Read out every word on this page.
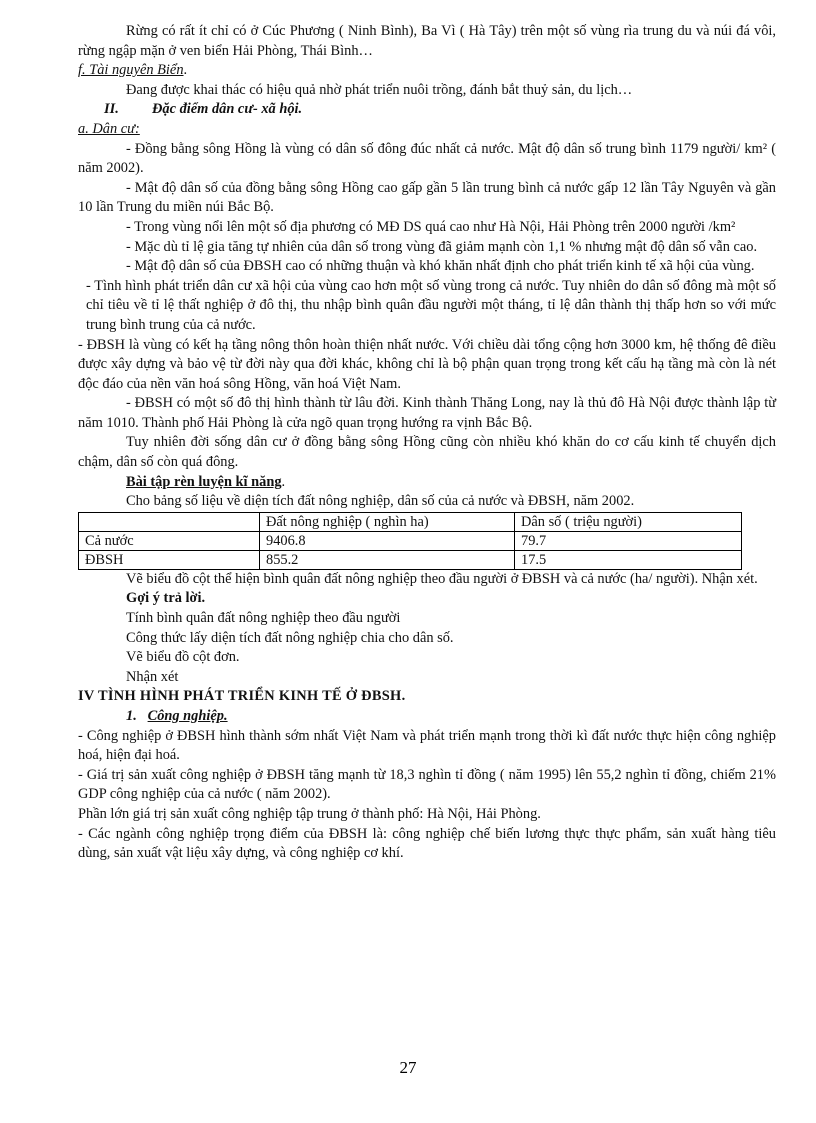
Rừng có rất ít chỉ có ở Cúc Phương ( Ninh Bình), Ba Vì ( Hà Tây) trên một số vùng rìa trung du và núi đá vôi, rừng ngập mặn ở ven biển Hải Phòng, Thái Bình…

f. Tài nguyên Biển.

Đang được khai thác có hiệu quả nhờ phát triển nuôi trồng, đánh bắt thuỷ sản, du lịch…

II. Đặc điểm dân cư- xã hội.

a. Dân cư:

- Đồng bằng sông Hồng là vùng có dân số đông đúc nhất cả nước. Mật độ dân số trung bình 1179 người/ km² ( năm 2002).

- Mật độ dân số của đồng bằng sông Hồng cao gấp gần 5 lần trung bình cả nước gấp 12 lần Tây Nguyên và gần 10 lần Trung du miền núi Bắc Bộ.

- Trong vùng nổi lên một số địa phương có MĐ DS quá cao như Hà Nội, Hải Phòng trên 2000 người /km²

- Mặc dù tỉ lệ gia tăng tự nhiên của dân số trong vùng đã giảm mạnh còn 1,1 % nhưng mật độ dân số vẫn cao.

- Mật độ dân số của ĐBSH cao có những thuận và khó khăn nhất định cho phát triển kinh tế xã hội của vùng.

- Tình hình phát triển dân cư xã hội của vùng cao hơn một số vùng trong cả nước. Tuy nhiên do dân số đông mà một số chỉ tiêu về tỉ lệ thất nghiệp ở đô thị, thu nhập bình quân đầu người một tháng, tỉ lệ dân thành thị thấp hơn so với mức trung bình trung của cả nước.

- ĐBSH là vùng có kết hạ tầng nông thôn hoàn thiện nhất nước. Với chiều dài tổng cộng hơn 3000 km, hệ thống đê điều được xây dựng và bảo vệ từ đời này qua đời khác, không chỉ là bộ phận quan trọng trong kết cấu hạ tầng mà còn là nét độc đáo của nền văn hoá sông Hồng, văn hoá Việt Nam.

- ĐBSH có một số đô thị hình thành từ lâu đời. Kinh thành Thăng Long, nay là thủ đô Hà Nội được thành lập từ năm 1010. Thành phố Hải Phòng là cửa ngõ quan trọng hướng ra vịnh Bắc Bộ.

Tuy nhiên đời sống dân cư ở đồng bằng sông Hồng cũng còn nhiều khó khăn do cơ cấu kinh tế chuyển dịch chậm, dân số còn quá đông.

Bài tập rèn luyện kĩ năng.

Cho bảng số liệu về diện tích đất nông nghiệp, dân số của cả nước và ĐBSH, năm 2002.

	Đất nông nghiệp ( nghìn ha)	Dân số ( triệu người)
Cả nước	9406.8	79.7
ĐBSH	855.2	17.5

Vẽ biểu đồ cột thể hiện bình quân đất nông nghiệp theo đầu người ở ĐBSH và cả nước (ha/ người). Nhận xét.

Gợi ý trả lời.

Tính bình quân đất nông nghiệp theo đầu người

Công thức lấy diện tích đất nông nghiệp chia cho dân số.

Vẽ biểu đồ cột đơn.

Nhận xét

IV TÌNH HÌNH PHÁT TRIỂN KINH TẾ Ở ĐBSH.

1. Công nghiệp.

- Công nghiệp ở ĐBSH hình thành sớm nhất Việt Nam và phát triển mạnh trong thời kì đất nước thực hiện công nghiệp hoá, hiện đại hoá.

- Giá trị sản xuất công nghiệp ở ĐBSH tăng mạnh từ 18,3 nghìn tỉ đồng ( năm 1995) lên 55,2 nghìn tỉ đồng, chiếm 21% GDP công nghiệp của cả nước ( năm 2002).

Phần lớn giá trị sản xuất công nghiệp tập trung ở thành phố: Hà Nội, Hải Phòng.

- Các ngành công nghiệp trọng điểm của ĐBSH là: công nghiệp chế biến lương thực thực phẩm, sản xuất hàng tiêu dùng, sản xuất vật liệu xây dựng, và công nghiệp cơ khí.

27
